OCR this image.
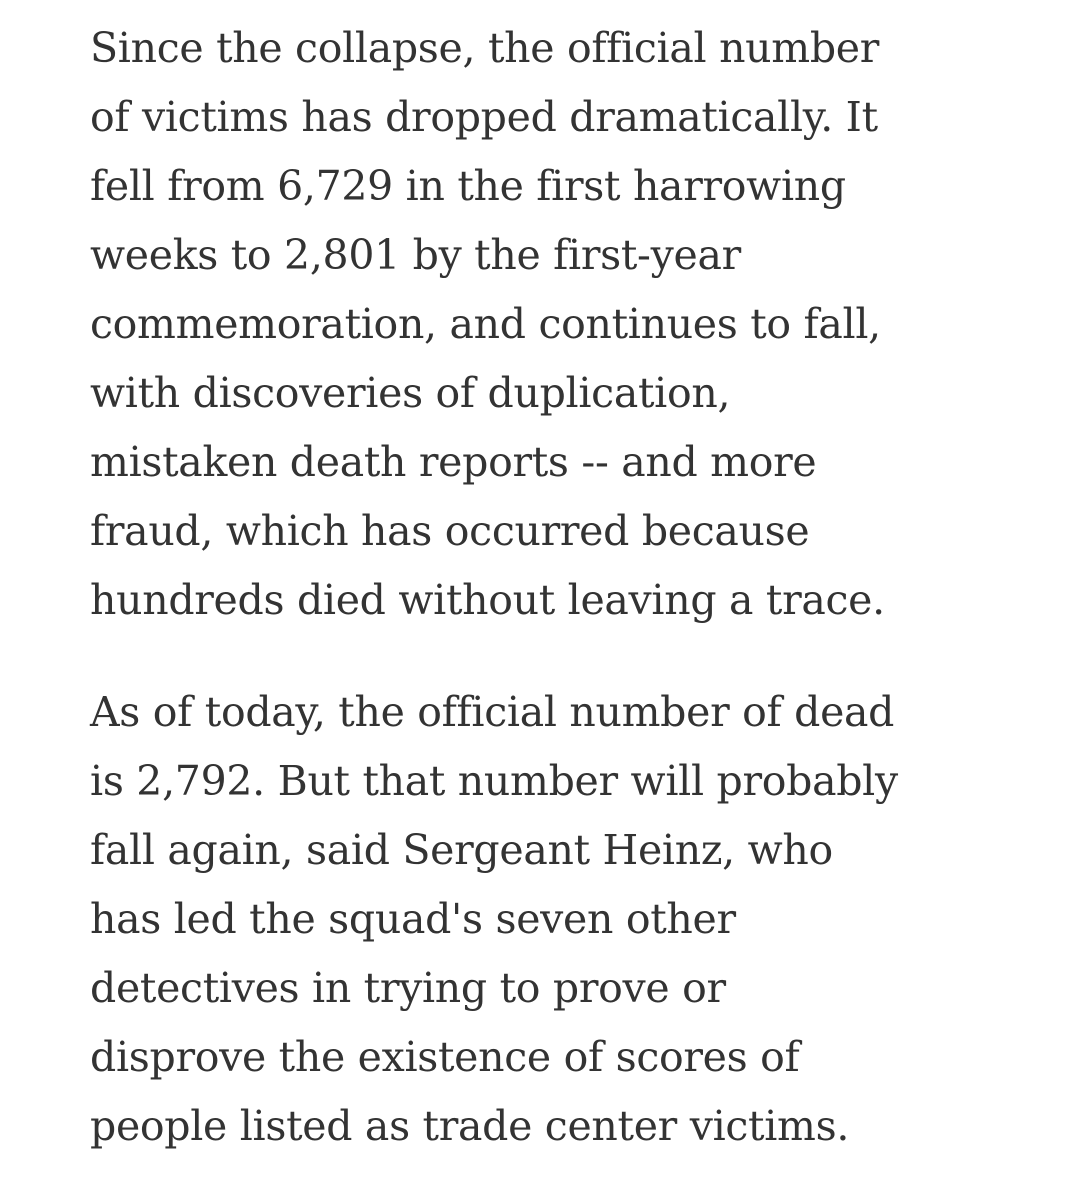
Since the collapse, the official number
of victims has dropped dramatically. It
fell from 6,729 in the first harrowing
weeks to 2,801 by the first-year
commemoration, and continues to fall,
with discoveries of duplication,
mistaken death reports -- and more
fraud, which has occurred because
hundreds died without leaving a trace.

As of today, the official number of dead
is 2,792. But that number will probably
fall again, said Sergeant Heinz, who
has led the squad's seven other
detectives in trying to prove or
disprove the existence of scores of
people listed as trade center victims.
